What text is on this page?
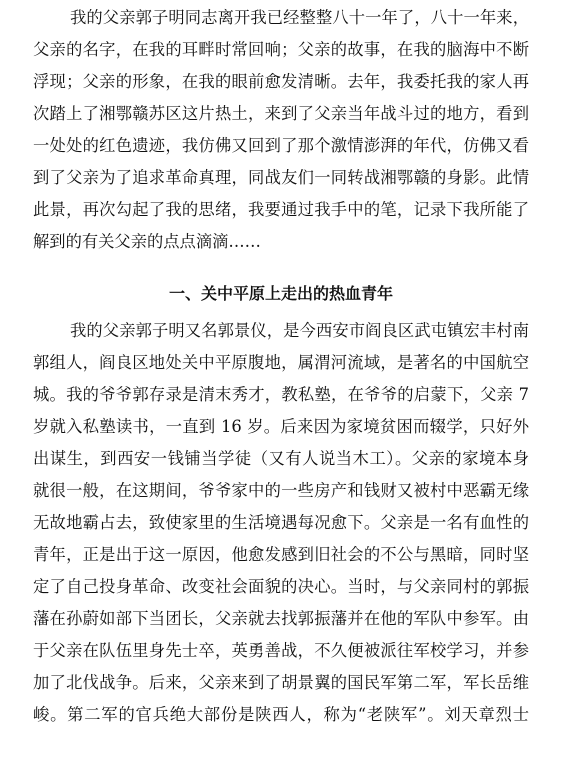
我的父亲郭子明同志离开我已经整整八十一年了，八十一年来，
父亲的名字，在我的耳畔时常回响；父亲的故事，在我的脑海中不断
浮现；父亲的形象，在我的眼前愈发清晰。去年，我委托我的家人再
次踏上了湘鄂赣苏区这片热土，来到了父亲当年战斗过的地方，看到
一处处的红色遗迹，我仿佛又回到了那个激情澎湃的年代，仿佛又看
到了父亲为了追求革命真理，同战友们一同转战湘鄂赣的身影。此情
此景，再次勾起了我的思绪，我要通过我手中的笔，记录下我所能了
解到的有关父亲的点点滴滴……
一、关中平原上走出的热血青年
我的父亲郭子明又名郭景仪，是今西安市阎良区武屯镇宏丰村南
郭组人，阎良区地处关中平原腹地，属渭河流域，是著名的中国航空
城。我的爷爷郭存录是清末秀才，教私塾，在爷爷的启蒙下，父亲 7
岁就入私塾读书，一直到 16 岁。后来因为家境贫困而辍学，只好外
出谋生，到西安一钱铺当学徒（又有人说当木工）。父亲的家境本身
就很一般，在这期间，爷爷家中的一些房产和钱财又被村中恶霸无缘
无故地霸占去，致使家里的生活境遇每况愈下。父亲是一名有血性的
青年，正是出于这一原因，他愈发感到旧社会的不公与黑暗，同时坚
定了自己投身革命、改变社会面貌的决心。当时，与父亲同村的郭振
藩在孙蔚如部下当团长，父亲就去找郭振藩并在他的军队中参军。由
于父亲在队伍里身先士卒，英勇善战，不久便被派往军校学习，并参
加了北伐战争。后来，父亲来到了胡景翼的国民军第二军，军长岳维
峻。第二军的官兵绝大部份是陕西人，称为“老陕军”。刘天章烈士
